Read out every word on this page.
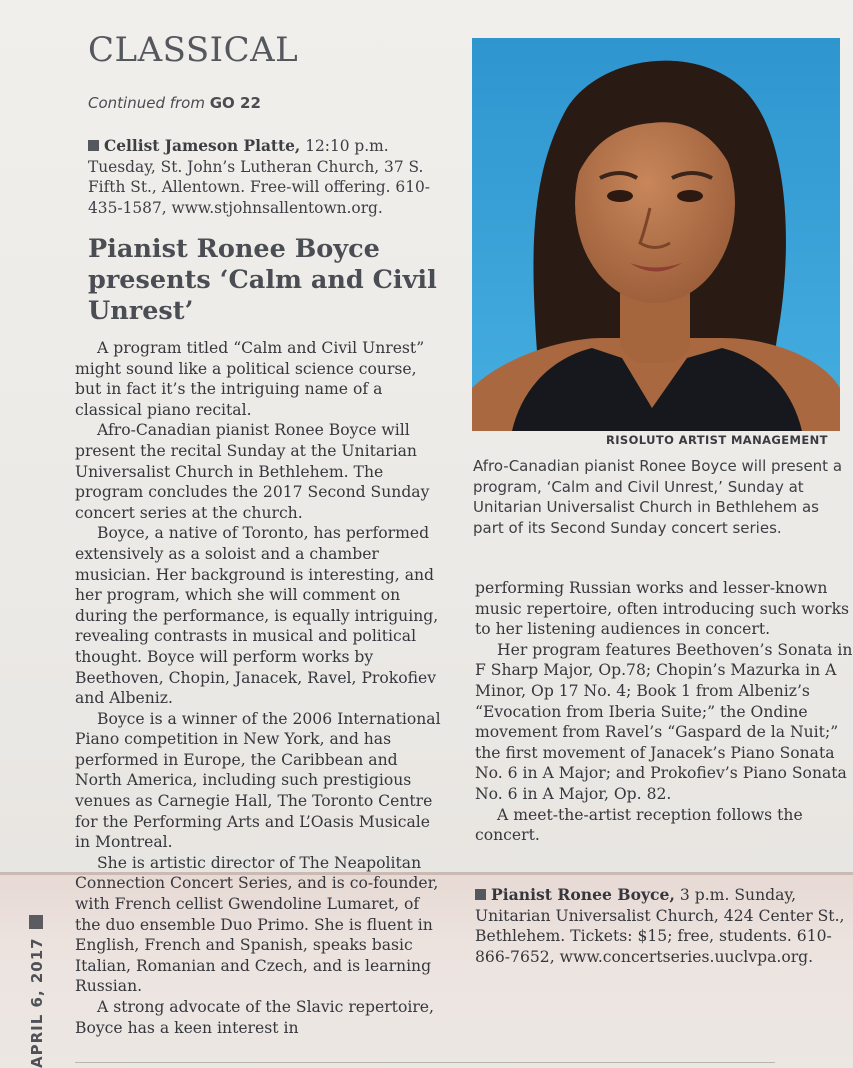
CLASSICAL
Continued from GO 22
Cellist Jameson Platte, 12:10 p.m. Tuesday, St. John’s Lutheran Church, 37 S. Fifth St., Allentown. Free-will offering. 610-435-1587, www.stjohnsallentown.org.
Pianist Ronee Boyce presents ‘Calm and Civil Unrest’

A program titled “Calm and Civil Unrest” might sound like a political science course, but in fact it’s the intriguing name of a classical piano recital.

Afro-Canadian pianist Ronee Boyce will present the recital Sunday at the Unitarian Universalist Church in Bethlehem. The program concludes the 2017 Second Sunday concert series at the church.

Boyce, a native of Toronto, has performed extensively as a soloist and a chamber musician. Her background is interesting, and her program, which she will comment on during the performance, is equally intriguing, revealing contrasts in musical and political thought. Boyce will perform works by Beethoven, Chopin, Janacek, Ravel, Prokofiev and Albeniz.

Boyce is a winner of the 2006 International Piano competition in New York, and has performed in Europe, the Caribbean and North America, including such prestigious venues as Carnegie Hall, The Toronto Centre for the Performing Arts and L’Oasis Musicale in Montreal.

She is artistic director of The Neapolitan Connection Concert Series, and is co-founder, with French cellist Gwendoline Lumaret, of the duo ensemble Duo Primo. She is fluent in English, French and Spanish, speaks basic Italian, Romanian and Czech, and is learning Russian.

A strong advocate of the Slavic repertoire, Boyce has a keen interest in

RISOLUTO ARTIST MANAGEMENT
Afro-Canadian pianist Ronee Boyce will present a program, ‘Calm and Civil Unrest,’ Sunday at Unitarian Universalist Church in Bethlehem as part of its Second Sunday concert series.

performing Russian works and lesser-known music repertoire, often introducing such works to her listening audiences in concert.

Her program features Beethoven’s Sonata in F Sharp Major, Op.78; Chopin’s Mazurka in A Minor, Op 17 No. 4; Book 1 from Albeniz’s “Evocation from Iberia Suite;” the Ondine movement from Ravel’s “Gaspard de la Nuit;” the first movement of Janacek’s Piano Sonata No. 6 in A Major; and Prokofiev’s Piano Sonata No. 6 in A Major, Op. 82.

A meet-the-artist reception follows the concert.

Pianist Ronee Boyce, 3 p.m. Sunday, Unitarian Universalist Church, 424 Center St., Bethlehem. Tickets: $15; free, students. 610-866-7652, www.concertseries.uuclvpa.org.
APRIL 6, 2017
